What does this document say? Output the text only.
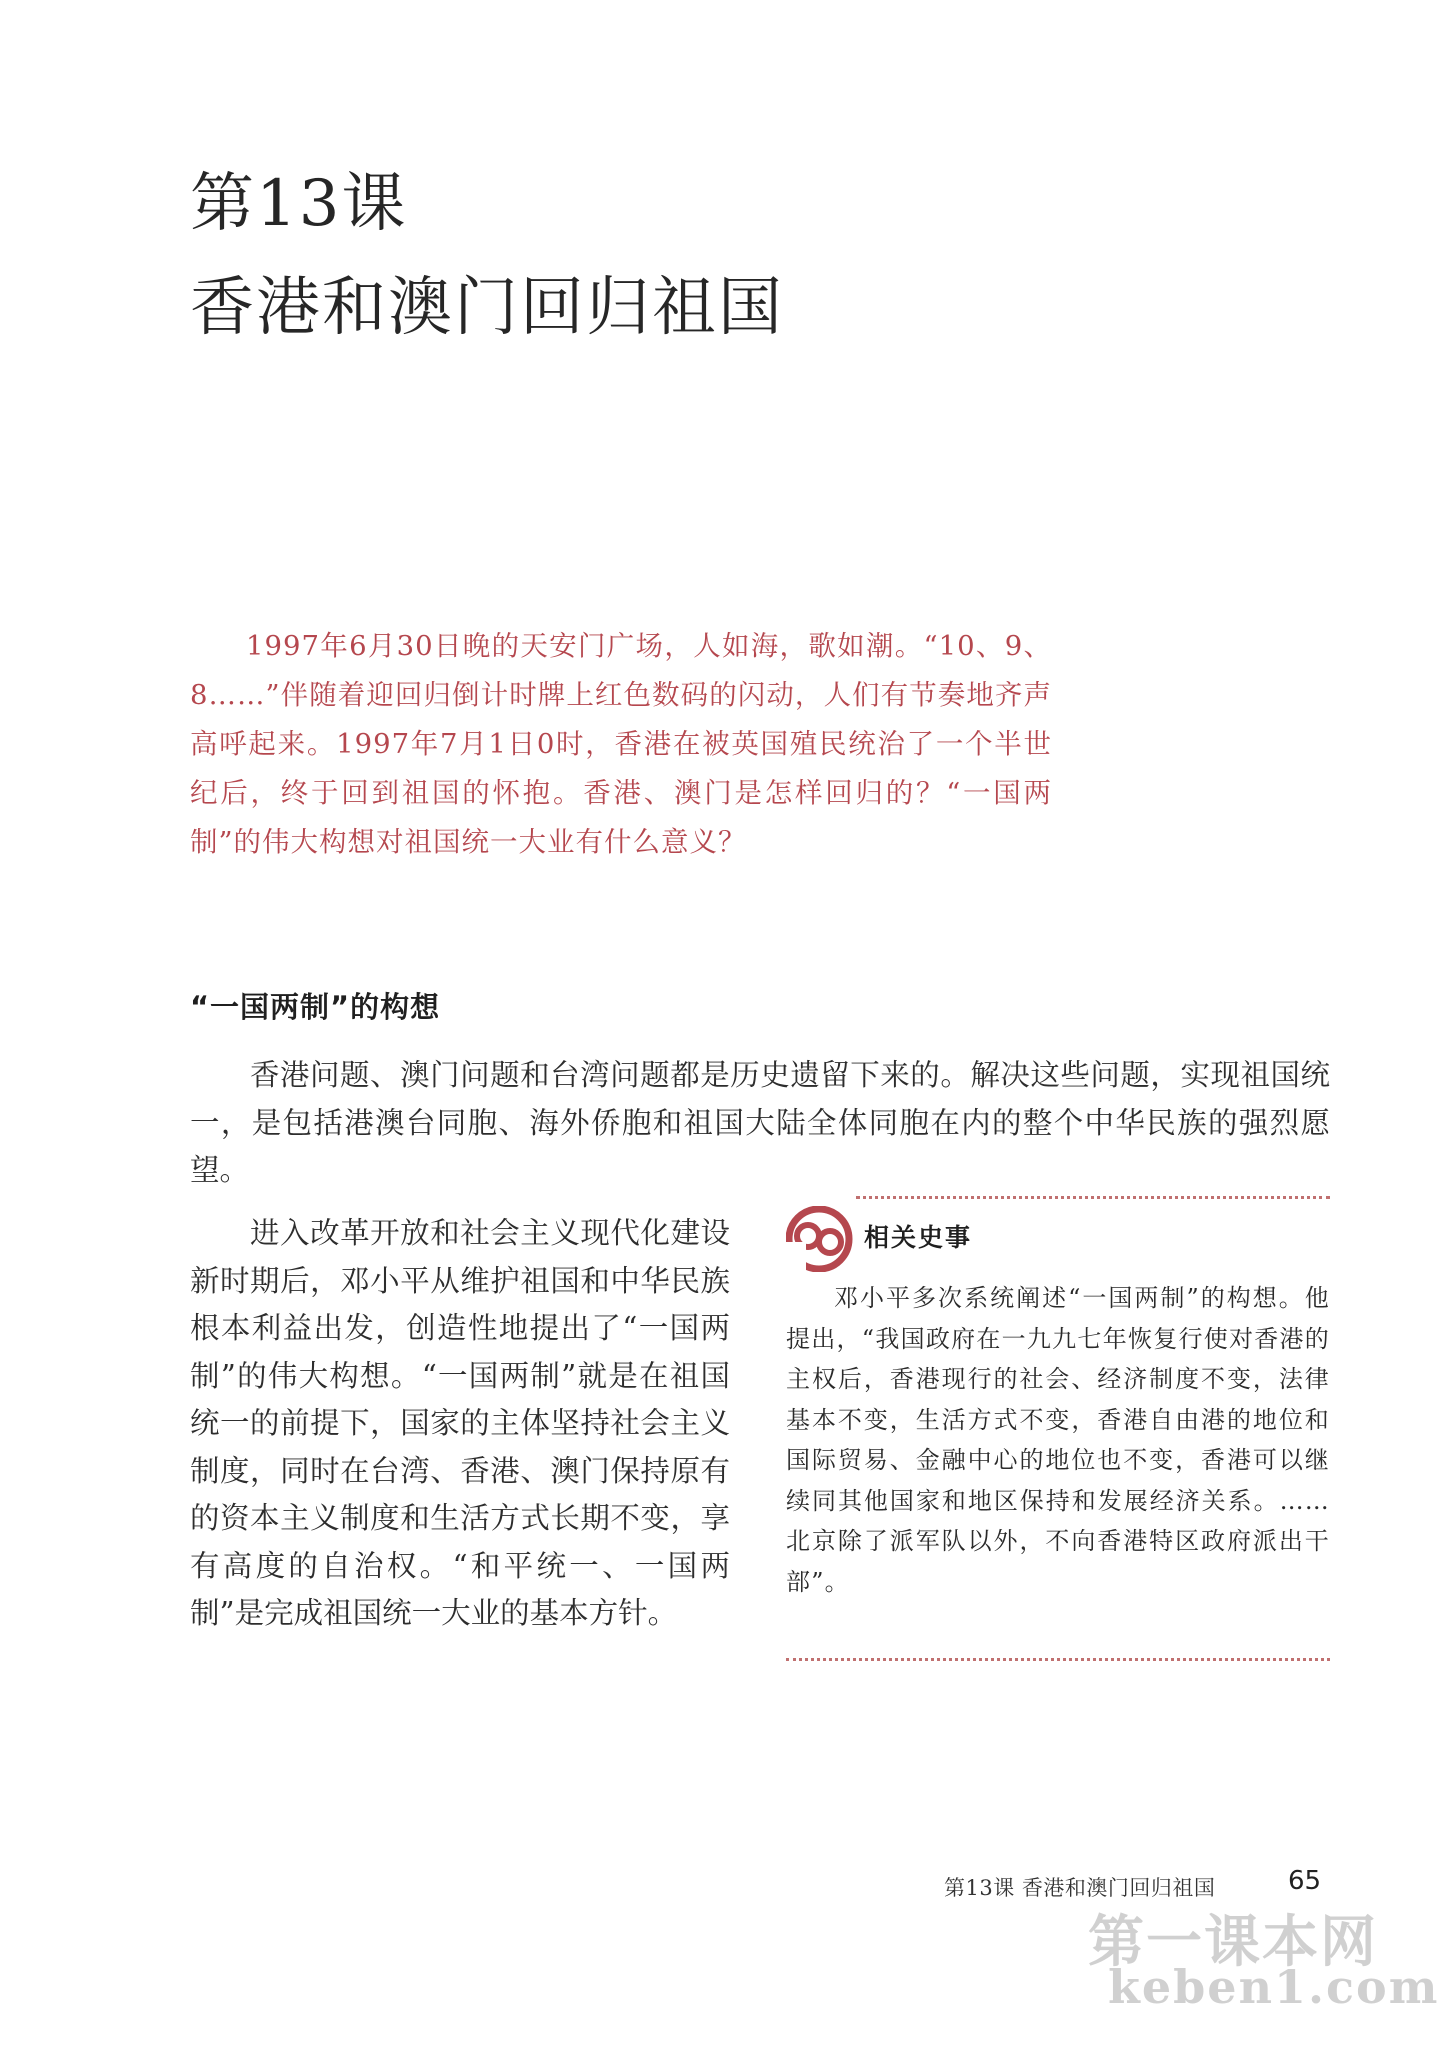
第13课
香港和澳门回归祖国

1997年6月30日晚的天安门广场，人如海，歌如潮。“10、9、8……”伴随着迎回归倒计时牌上红色数码的闪动，人们有节奏地齐声高呼起来。1997年7月1日0时，香港在被英国殖民统治了一个半世纪后，终于回到祖国的怀抱。香港、澳门是怎样回归的？“一国两制”的伟大构想对祖国统一大业有什么意义？

“一国两制”的构想

香港问题、澳门问题和台湾问题都是历史遗留下来的。解决这些问题，实现祖国统一，是包括港澳台同胞、海外侨胞和祖国大陆全体同胞在内的整个中华民族的强烈愿望。

进入改革开放和社会主义现代化建设新时期后，邓小平从维护祖国和中华民族根本利益出发，创造性地提出了“一国两制”的伟大构想。“一国两制”就是在祖国统一的前提下，国家的主体坚持社会主义制度，同时在台湾、香港、澳门保持原有的资本主义制度和生活方式长期不变，享有高度的自治权。“和平统一、一国两制”是完成祖国统一大业的基本方针。

相关史事

邓小平多次系统阐述“一国两制”的构想。他提出，“我国政府在一九九七年恢复行使对香港的主权后，香港现行的社会、经济制度不变，法律基本不变，生活方式不变，香港自由港的地位和国际贸易、金融中心的地位也不变，香港可以继续同其他国家和地区保持和发展经济关系。……北京除了派军队以外，不向香港特区政府派出干部”。

第13课 香港和澳门回归祖国	65
第一课本网
keben1.com
